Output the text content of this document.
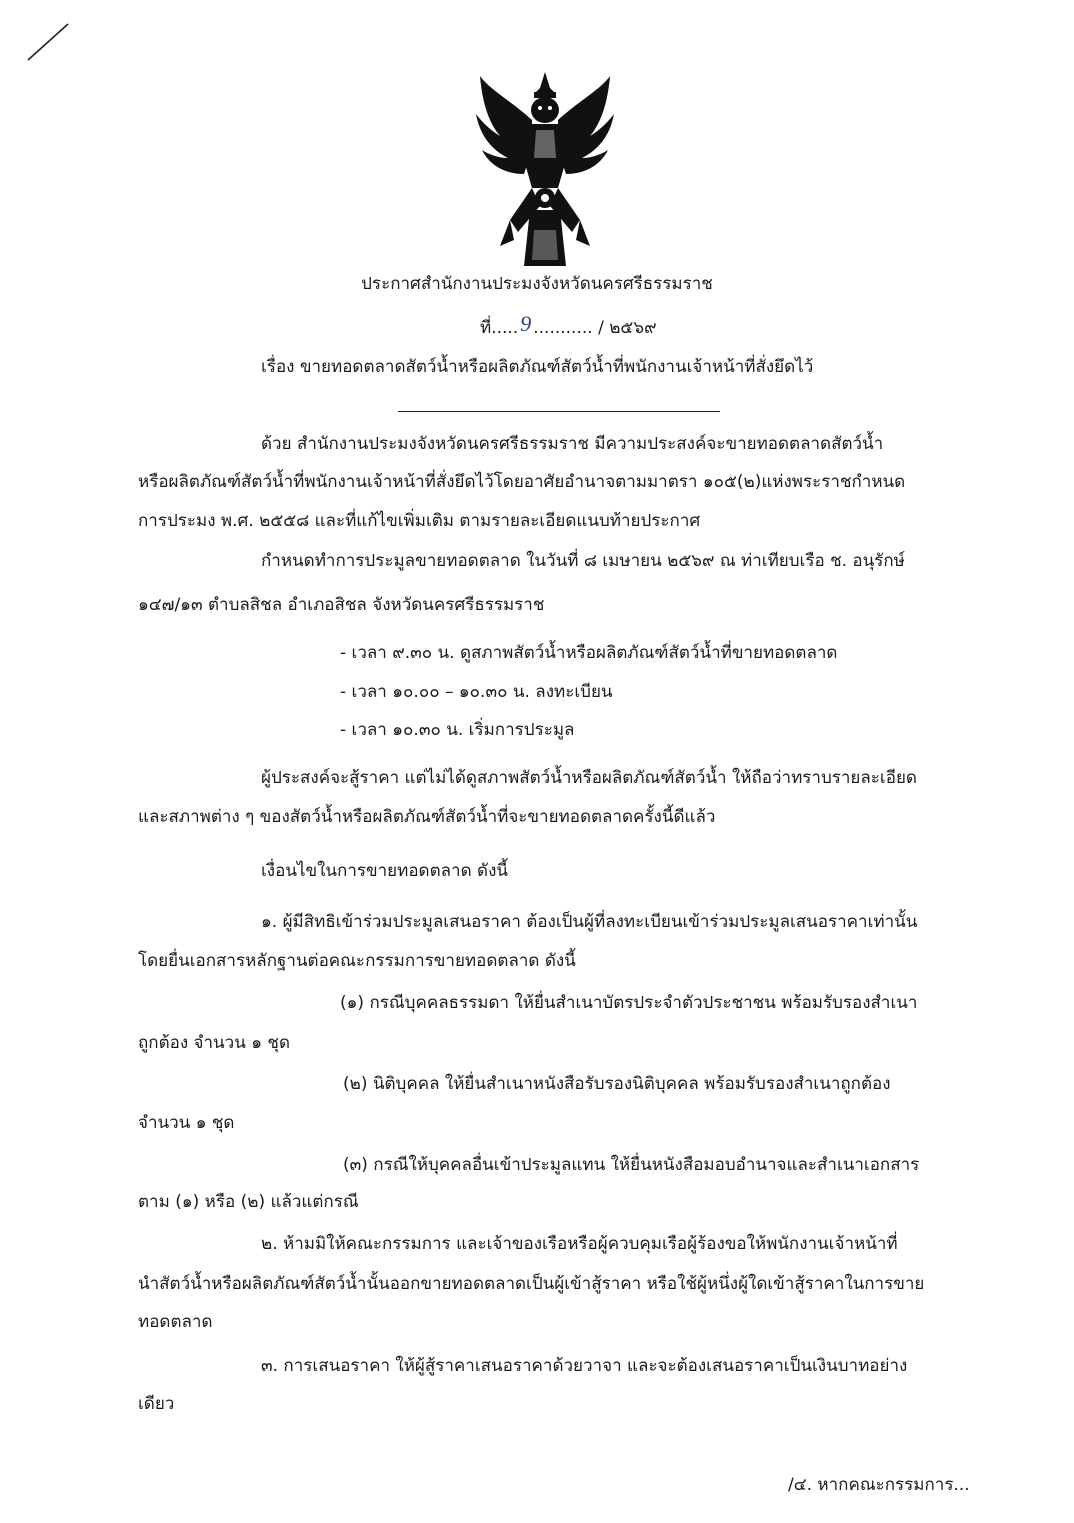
ประกาศสำนักงานประมงจังหวัดนครศรีธรรมราช
ที่.....9 ........... / ๒๕๖๙
เรื่อง ขายทอดตลาดสัตว์น้ำหรือผลิตภัณฑ์สัตว์น้ำที่พนักงานเจ้าหน้าที่สั่งยึดไว้
ด้วย สำนักงานประมงจังหวัดนครศรีธรรมราช มีความประสงค์จะขายทอดตลาดสัตว์น้ำ
หรือผลิตภัณฑ์สัตว์น้ำที่พนักงานเจ้าหน้าที่สั่งยึดไว้โดยอาศัยอำนาจตามมาตรา ๑๐๕(๒)แห่งพระราชกำหนด
การประมง พ.ศ. ๒๕๕๘ และที่แก้ไขเพิ่มเติม ตามรายละเอียดแนบท้ายประกาศ
กำหนดทำการประมูลขายทอดตลาด ในวันที่ ๘ เมษายน ๒๕๖๙ ณ ท่าเทียบเรือ ช. อนุรักษ์
๑๔๗/๑๓ ตำบลสิชล อำเภอสิชล จังหวัดนครศรีธรรมราช
- เวลา ๙.๓๐ น. ดูสภาพสัตว์น้ำหรือผลิตภัณฑ์สัตว์น้ำที่ขายทอดตลาด
- เวลา ๑๐.๐๐ – ๑๐.๓๐ น. ลงทะเบียน
- เวลา ๑๐.๓๐ น. เริ่มการประมูล
ผู้ประสงค์จะสู้ราคา แต่ไม่ได้ดูสภาพสัตว์น้ำหรือผลิตภัณฑ์สัตว์น้ำ ให้ถือว่าทราบรายละเอียด
และสภาพต่าง ๆ ของสัตว์น้ำหรือผลิตภัณฑ์สัตว์น้ำที่จะขายทอดตลาดครั้งนี้ดีแล้ว
เงื่อนไขในการขายทอดตลาด ดังนี้
๑. ผู้มีสิทธิเข้าร่วมประมูลเสนอราคา ต้องเป็นผู้ที่ลงทะเบียนเข้าร่วมประมูลเสนอราคาเท่านั้น
โดยยื่นเอกสารหลักฐานต่อคณะกรรมการขายทอดตลาด ดังนี้
(๑) กรณีบุคคลธรรมดา ให้ยื่นสำเนาบัตรประจำตัวประชาชน พร้อมรับรองสำเนา
ถูกต้อง จำนวน ๑ ชุด
(๒) นิติบุคคล ให้ยื่นสำเนาหนังสือรับรองนิติบุคคล พร้อมรับรองสำเนาถูกต้อง
จำนวน ๑ ชุด
(๓) กรณีให้บุคคลอื่นเข้าประมูลแทน ให้ยื่นหนังสือมอบอำนาจและสำเนาเอกสาร
ตาม (๑) หรือ (๒) แล้วแต่กรณี
๒. ห้ามมิให้คณะกรรมการ และเจ้าของเรือหรือผู้ควบคุมเรือผู้ร้องขอให้พนักงานเจ้าหน้าที่
นำสัตว์น้ำหรือผลิตภัณฑ์สัตว์น้ำนั้นออกขายทอดตลาดเป็นผู้เข้าสู้ราคา หรือใช้ผู้หนึ่งผู้ใดเข้าสู้ราคาในการขาย
ทอดตลาด
๓. การเสนอราคา ให้ผู้สู้ราคาเสนอราคาด้วยวาจา และจะต้องเสนอราคาเป็นเงินบาทอย่าง
เดียว
/๔. หากคณะกรรมการ...
